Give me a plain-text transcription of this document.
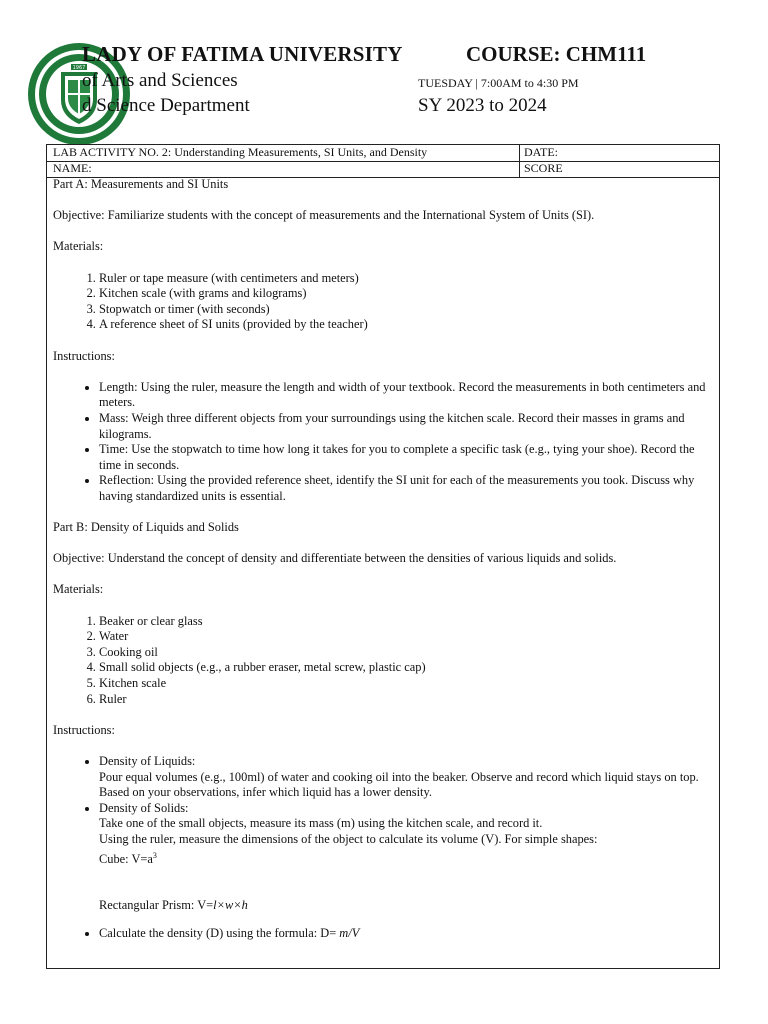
1967
LADY OF FATIMA UNIVERSITY	COURSE: CHM111
of Arts and Sciences	TUESDAY | 7:00AM to 4:30 PM
d Science Department	SY 2023 to 2024
LAB ACTIVITY NO. 2: Understanding Measurements, SI Units, and Density	DATE:
NAME:	SCORE

Part A: Measurements and SI Units

Objective: Familiarize students with the concept of measurements and the International System of Units (SI).

Materials:

1. Ruler or tape measure (with centimeters and meters)
2. Kitchen scale (with grams and kilograms)
3. Stopwatch or timer (with seconds)
4. A reference sheet of SI units (provided by the teacher)

Instructions:

• Length: Using the ruler, measure the length and width of your textbook. Record the measurements in both centimeters and meters.
• Mass: Weigh three different objects from your surroundings using the kitchen scale. Record their masses in grams and kilograms.
• Time: Use the stopwatch to time how long it takes for you to complete a specific task (e.g., tying your shoe). Record the time in seconds.
• Reflection: Using the provided reference sheet, identify the SI unit for each of the measurements you took. Discuss why having standardized units is essential.

Part B: Density of Liquids and Solids

Objective: Understand the concept of density and differentiate between the densities of various liquids and solids.

Materials:

1. Beaker or clear glass
2. Water
3. Cooking oil
4. Small solid objects (e.g., a rubber eraser, metal screw, plastic cap)
5. Kitchen scale
6. Ruler

Instructions:

• Density of Liquids:
Pour equal volumes (e.g., 100ml) of water and cooking oil into the beaker. Observe and record which liquid stays on top.
Based on your observations, infer which liquid has a lower density.
• Density of Solids:
Take one of the small objects, measure its mass (m) using the kitchen scale, and record it.
Using the ruler, measure the dimensions of the object to calculate its volume (V). For simple shapes:
Cube: $V=a^3$
Rectangular Prism: V=l×w×h
• Calculate the density (D) using the formula: D= m/V
